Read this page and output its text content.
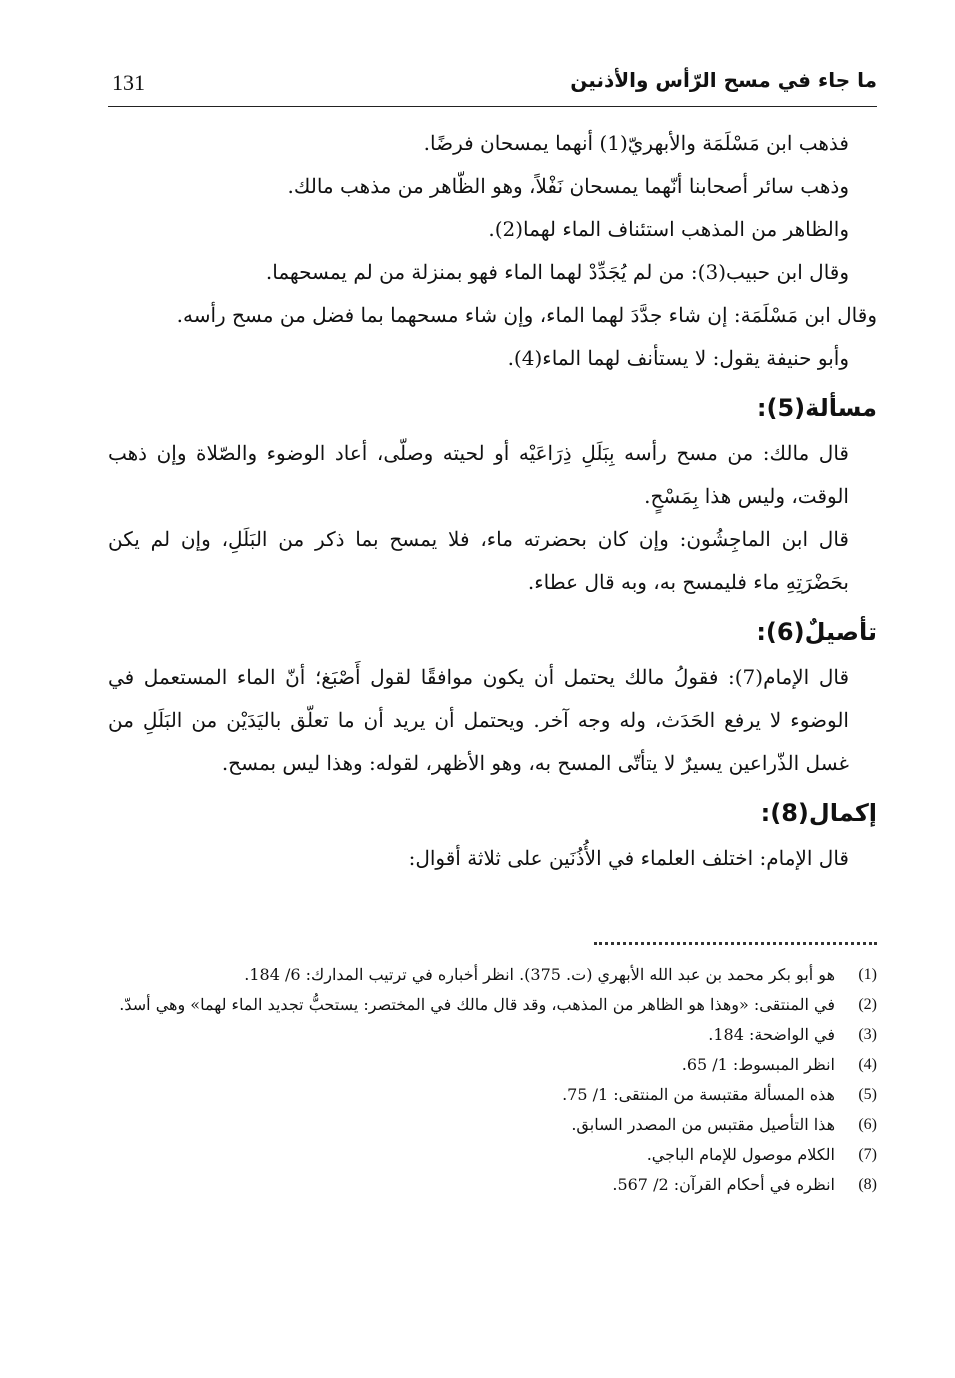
131	ما جاء في مسح الرّأس والأذنين
فذهب ابن مَسْلَمَة والأبهريّ(1) أنهما يمسحان فرضًا.
وذهب سائر أصحابنا أنّهما يمسحان نَفْلاً، وهو الظّاهر من مذهب مالك.
والظاهر من المذهب استئناف الماء لهما(2).
وقال ابن حبيب(3): من لم يُجَدِّدْ لهما الماء فهو بمنزلة من لم يمسحهما.
وقال ابن مَسْلَمَة: إن شاء جدَّدَ لهما الماء، وإن شاء مسحهما بما فضل من مسح رأسه.
وأبو حنيفة يقول: لا يستأنف لهما الماء(4).
مسألة(5):
قال مالك: من مسح رأسه بِبَلَلِ ذِرَاعَيْه أو لحيته وصلّى، أعاد الوضوء والصّلاة وإن ذهب الوقت، وليس هذا بِمَسْحٍ.
قال ابن الماجِشُون: وإن كان بحضرته ماء، فلا يمسح بما ذكر من البَلَلِ، وإن لم يكن بحَضْرَتِهِ ماء فليمسح به، وبه قال عطاء.
تأصيلٌ(6):
قال الإمام(7): فقولُ مالك يحتمل أن يكون موافقًا لقول أَصْبَغ؛ أنّ الماء المستعمل في الوضوء لا يرفع الحَدَث، وله وجه آخر. ويحتمل أن يريد أن ما تعلّق باليَدَيْن من البَلَلِ من غسل الذّراعين يسيرٌ لا يتأتّى المسح به، وهو الأظهر، لقوله: وهذا ليس بمسح.
إكمال(8):
قال الإمام: اختلف العلماء في الأُذُنَين على ثلاثة أقوال:
(1)
هو أبو بكر محمد بن عبد الله الأبهري (ت. 375). انظر أخباره في ترتيب المدارك: 6/ 184.
(2)
في المنتقى: «وهذا هو الظاهر من المذهب، وقد قال مالك في المختصر: يستحبُّ تجديد الماء لهما» وهي أسدّ.
(3)
في الواضحة: 184.
(4)
انظر المبسوط: 1/ 65.
(5)
هذه المسألة مقتبسة من المنتقى: 1/ 75.
(6)
هذا التأصيل مقتبس من المصدر السابق.
(7)
الكلام موصول للإمام الباجي.
(8)
انظره في أحكام القرآن: 2/ 567.
